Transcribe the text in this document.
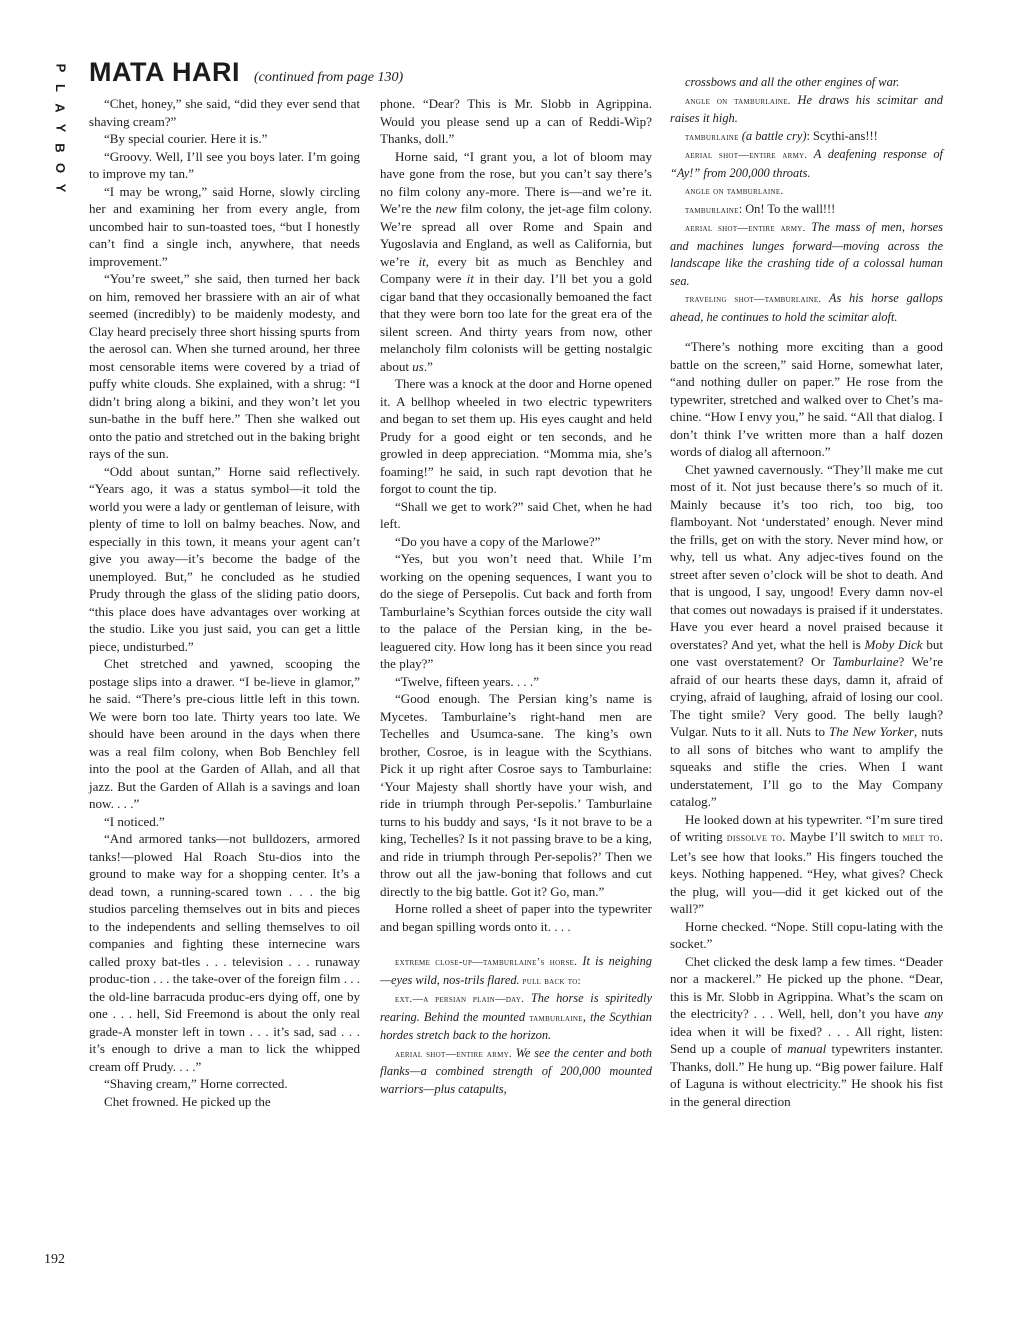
P
L
A
Y
B
O
Y
MATA HARI (continued from page 130)
192

“Chet, honey,” she said, “did they ever send that shaving cream?”

“By special courier. Here it is.”

“Groovy. Well, I’ll see you boys later. I’m going to improve my tan.”

“I may be wrong,” said Horne, slowly circling her and examining her from every angle, from uncombed hair to sun-toasted toes, “but I honestly can’t find a single inch, anywhere, that needs improvement.”

“You’re sweet,” she said, then turned her back on him, removed her brassiere with an air of what seemed (incredibly) to be maidenly modesty, and Clay heard precisely three short hissing spurts from the aerosol can. When she turned around, her three most censorable items were covered by a triad of puffy white clouds. She explained, with a shrug: “I didn’t bring along a bikini, and they won’t let you sun-bathe in the buff here.” Then she walked out onto the patio and stretched out in the baking bright rays of the sun.

“Odd about suntan,” Horne said reflectively. “Years ago, it was a status symbol—it told the world you were a lady or gentleman of leisure, with plenty of time to loll on balmy beaches. Now, and especially in this town, it means your agent can’t give you away—it’s become the badge of the unemployed. But,” he concluded as he studied Prudy through the glass of the sliding patio doors, “this place does have advantages over working at the studio. Like you just said, you can get a little piece, undisturbed.”

Chet stretched and yawned, scooping the postage slips into a drawer. “I be-lieve in glamor,” he said. “There’s pre-cious little left in this town. We were born too late. Thirty years too late. We should have been around in the days when there was a real film colony, when Bob Benchley fell into the pool at the Garden of Allah, and all that jazz. But the Garden of Allah is a savings and loan now. . . .”

“I noticed.”

“And armored tanks—not bulldozers, armored tanks!—plowed Hal Roach Stu-dios into the ground to make way for a shopping center. It’s a dead town, a running-scared town . . . the big studios parceling themselves out in bits and pieces to the independents and selling themselves to oil companies and fighting these internecine wars called proxy bat-tles . . . television . . . runaway produc-tion . . . the take-over of the foreign film . . . the old-line barracuda produc-ers dying off, one by one . . . hell, Sid Freemond is about the only real grade-A monster left in town . . . it’s sad, sad . . . it’s enough to drive a man to lick the whipped cream off Prudy. . . .”

“Shaving cream,” Horne corrected.

Chet frowned. He picked up the

phone. “Dear? This is Mr. Slobb in Agrippina. Would you please send up a can of Reddi-Wip? Thanks, doll.”

Horne said, “I grant you, a lot of bloom may have gone from the rose, but you can’t say there’s no film colony any-more. There is—and we’re it. We’re the new film colony, the jet-age film colony. We’re spread all over Rome and Spain and Yugoslavia and England, as well as California, but we’re it, every bit as much as Benchley and Company were it in their day. I’ll bet you a gold cigar band that they occasionally bemoaned the fact that they were born too late for the great era of the silent screen. And thirty years from now, other melancholy film colonists will be getting nostalgic about us.”

There was a knock at the door and Horne opened it. A bellhop wheeled in two electric typewriters and began to set them up. His eyes caught and held Prudy for a good eight or ten seconds, and he growled in deep appreciation. “Momma mia, she’s foaming!” he said, in such rapt devotion that he forgot to count the tip.

“Shall we get to work?” said Chet, when he had left.

“Do you have a copy of the Marlowe?”

“Yes, but you won’t need that. While I’m working on the opening sequences, I want you to do the siege of Persepolis. Cut back and forth from Tamburlaine’s Scythian forces outside the city wall to the palace of the Persian king, in the be-leaguered city. How long has it been since you read the play?”

“Twelve, fifteen years. . . .”

“Good enough. The Persian king’s name is Mycetes. Tamburlaine’s right-hand men are Techelles and Usumca-sane. The king’s own brother, Cosroe, is in league with the Scythians. Pick it up right after Cosroe says to Tamburlaine: ‘Your Majesty shall shortly have your wish, and ride in triumph through Per-sepolis.’ Tamburlaine turns to his buddy and says, ‘Is it not brave to be a king, Techelles? Is it not passing brave to be a king, and ride in triumph through Per-sepolis?’ Then we throw out all the jaw-boning that follows and cut directly to the big battle. Got it? Go, man.”

Horne rolled a sheet of paper into the typewriter and began spilling words onto it. . . .

extreme close-up—tamburlaine’s horse. It is neighing—eyes wild, nos-trils flared. pull back to:

ext.—a persian plain—day. The horse is spiritedly rearing. Behind the mounted tamburlaine, the Scythian hordes stretch back to the horizon.

aerial shot—entire army. We see the center and both flanks—a combined strength of 200,000 mounted warriors—plus catapults,

crossbows and all the other engines of war.

angle on tamburlaine. He draws his scimitar and raises it high.

tamburlaine (a battle cry): Scythi-ans!!!

aerial shot—entire army. A deafening response of “Ay!” from 200,000 throats.

angle on tamburlaine.

tamburlaine: On! To the wall!!!

aerial shot—entire army. The mass of men, horses and machines lunges forward—moving across the landscape like the crashing tide of a colossal human sea.

traveling shot—tamburlaine. As his horse gallops ahead, he continues to hold the scimitar aloft.

“There’s nothing more exciting than a good battle on the screen,” said Horne, somewhat later, “and nothing duller on paper.” He rose from the typewriter, stretched and walked over to Chet’s ma-chine. “How I envy you,” he said. “All that dialog. I don’t think I’ve written more than a half dozen words of dialog all afternoon.”

Chet yawned cavernously. “They’ll make me cut most of it. Not just because there’s so much of it. Mainly because it’s too rich, too big, too flamboyant. Not ‘understated’ enough. Never mind the frills, get on with the story. Never mind how, or why, tell us what. Any adjec-tives found on the street after seven o’clock will be shot to death. And that is ungood, I say, ungood! Every damn nov-el that comes out nowadays is praised if it understates. Have you ever heard a novel praised because it overstates? And yet, what the hell is Moby Dick but one vast overstatement? Or Tamburlaine? We’re afraid of our hearts these days, damn it, afraid of crying, afraid of laughing, afraid of losing our cool. The tight smile? Very good. The belly laugh? Vulgar. Nuts to it all. Nuts to The New Yorker, nuts to all sons of bitches who want to amplify the squeaks and stifle the cries. When I want understatement, I’ll go to the May Company catalog.”

He looked down at his typewriter. “I’m sure tired of writing dissolve to. Maybe I’ll switch to melt to. Let’s see how that looks.” His fingers touched the keys. Nothing happened. “Hey, what gives? Check the plug, will you—did it get kicked out of the wall?”

Horne checked. “Nope. Still copu-lating with the socket.”

Chet clicked the desk lamp a few times. “Deader nor a mackerel.” He picked up the phone. “Dear, this is Mr. Slobb in Agrippina. What’s the scam on the electricity? . . . Well, hell, don’t you have any idea when it will be fixed? . . . All right, listen: Send up a couple of manual typewriters instanter. Thanks, doll.” He hung up. “Big power failure. Half of Laguna is without electricity.” He shook his fist in the general direction
